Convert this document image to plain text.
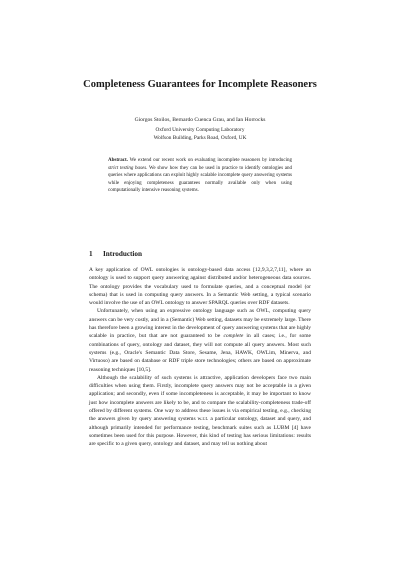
Completeness Guarantees for Incomplete Reasoners
Giorgos Stoilos, Bernardo Cuenca Grau, and Ian Horrocks
Oxford University Computing Laboratory
Wolfson Building, Parks Road, Oxford, UK
Abstract. We extend our recent work on evaluating incomplete reasoners by introducing strict testing bases. We show how they can be used in practice to identify ontologies and queries where applications can exploit highly scalable incomplete query answering systems while enjoying completeness guarantees normally available only when using computationally intensive reasoning systems.
1 Introduction

A key application of OWL ontologies is ontology-based data access [12,9,3,2,7,11], where an ontology is used to support query answering against distributed and/or heterogeneous data sources. The ontology provides the vocabulary used to formulate queries, and a conceptual model (or schema) that is used in computing query answers. In a Semantic Web setting, a typical scenario would involve the use of an OWL ontology to answer SPARQL queries over RDF datasets.

Unfortunately, when using an expressive ontology language such as OWL, computing query answers can be very costly, and in a (Semantic) Web setting, datasets may be extremely large. There has therefore been a growing interest in the development of query answering systems that are highly scalable in practice, but that are not guaranteed to be complete in all cases; i.e., for some combinations of query, ontology and dataset, they will not compute all query answers. Most such systems (e.g., Oracle's Semantic Data Store, Sesame, Jena, HAWK, OWLim, Minerva, and Virtuoso) are based on database or RDF triple store technologies; others are based on approximate reasoning techniques [10,5].

Although the scalability of such systems is attractive, application developers face two main difficulties when using them. Firstly, incomplete query answers may not be acceptable in a given application; and secondly, even if some incompleteness is acceptable, it may be important to know just how incomplete answers are likely to be, and to compare the scalability-completeness trade-off offered by different systems. One way to address these issues is via empirical testing, e.g., checking the answers given by query answering systems w.r.t. a particular ontology, dataset and query, and although primarily intended for performance testing, benchmark suites such as LUBM [4] have sometimes been used for this purpose. However, this kind of testing has serious limitations: results are specific to a given query, ontology and dataset, and may tell us nothing about
